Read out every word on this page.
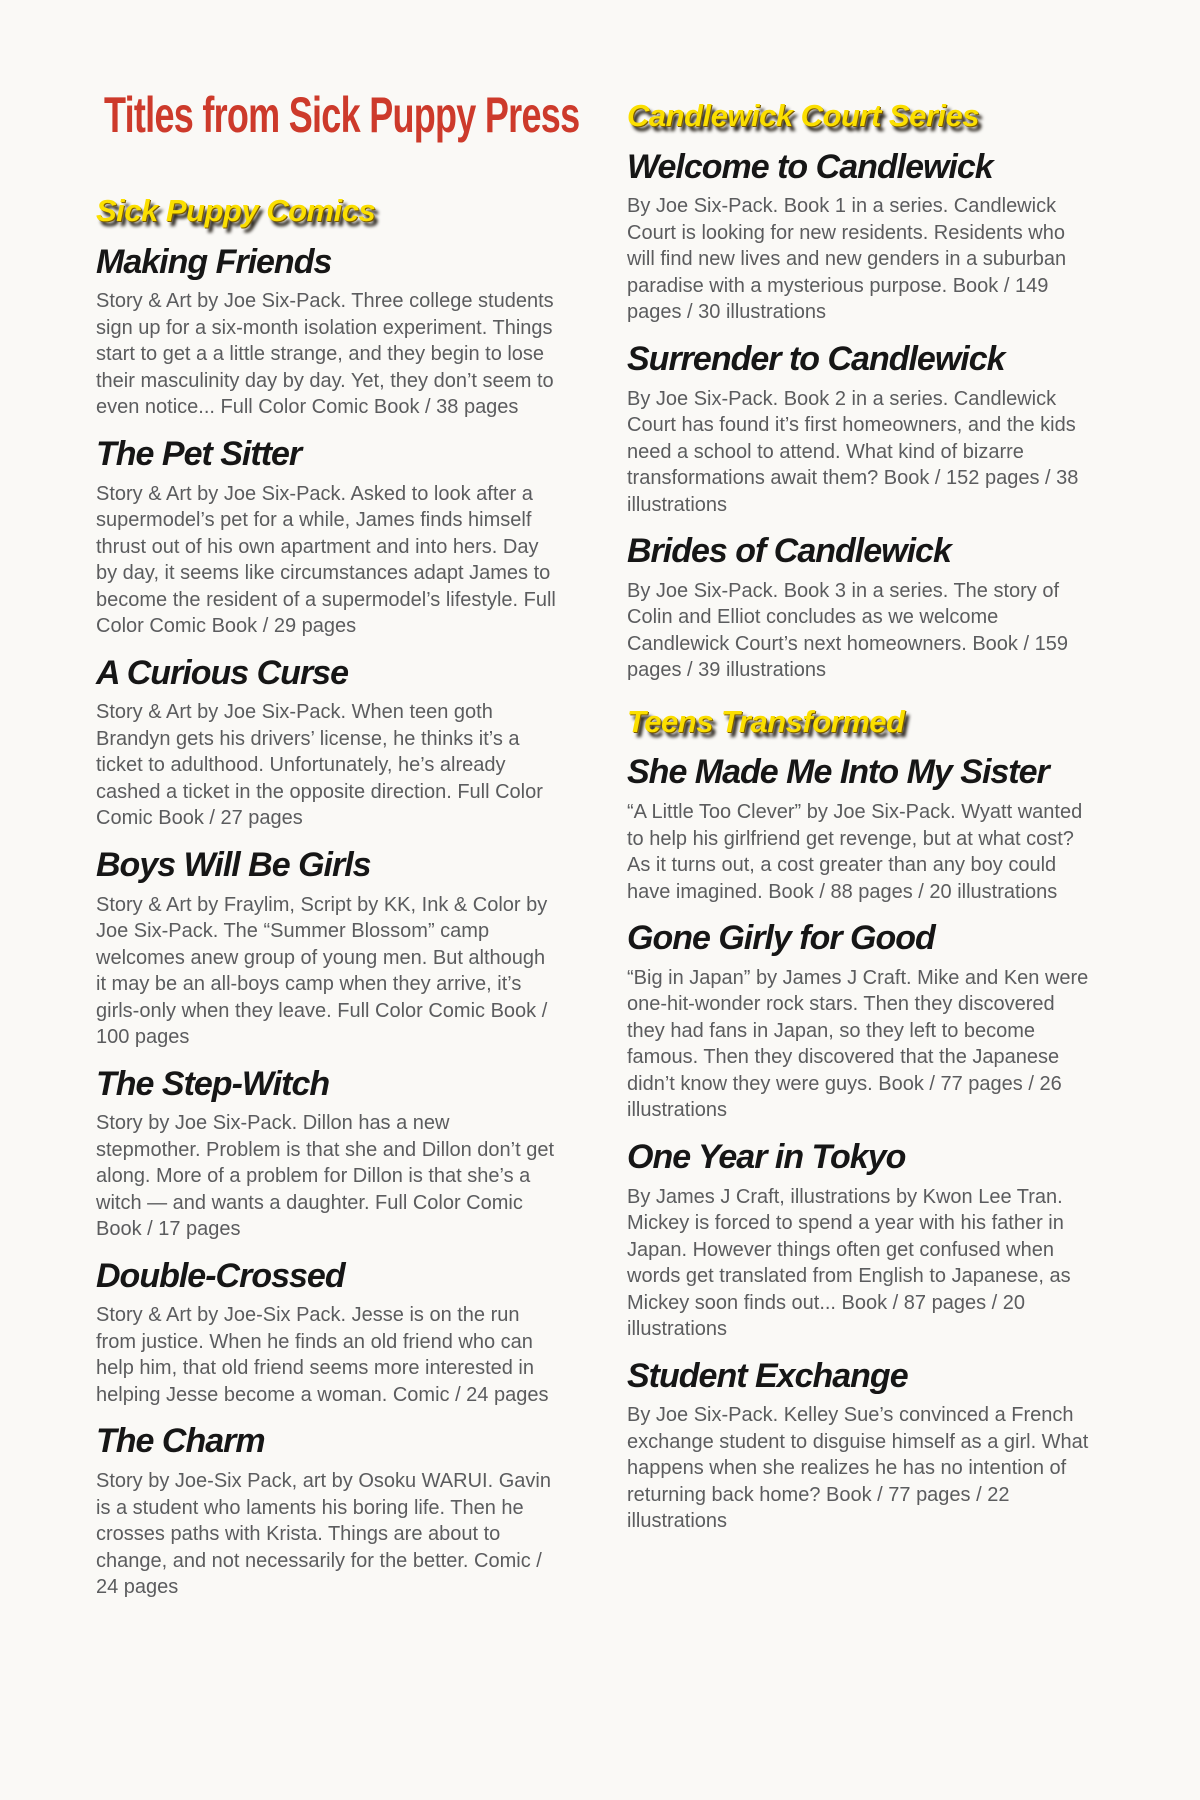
Titles from Sick Puppy Press
Sick Puppy Comics
Making Friends

Story & Art by Joe Six-Pack. Three college students sign up for a six-month isolation experiment. Things start to get a a little strange, and they begin to lose their masculinity day by day. Yet, they don’t seem to even notice... Full Color Comic Book / 38 pages

The Pet Sitter

Story & Art by Joe Six-Pack. Asked to look after a supermodel’s pet for a while, James finds himself thrust out of his own apartment and into hers. Day by day, it seems like circumstances adapt James to become the resident of a supermodel’s lifestyle. Full Color Comic Book / 29 pages

A Curious Curse

Story & Art by Joe Six-Pack. When teen goth Brandyn gets his drivers’ license, he thinks it’s a ticket to adulthood. Unfortunately, he’s already cashed a ticket in the opposite direction. Full Color Comic Book / 27 pages

Boys Will Be Girls

Story & Art by Fraylim, Script by KK, Ink & Color by Joe Six-Pack. The “Summer Blossom” camp welcomes anew group of young men. But although it may be an all-boys camp when they arrive, it’s girls-only when they leave. Full Color Comic Book / 100 pages

The Step-Witch

Story by Joe Six-Pack. Dillon has a new stepmother. Problem is that she and Dillon don’t get along. More of a problem for Dillon is that she’s a witch — and wants a daughter. Full Color Comic Book / 17 pages

Double-Crossed

Story & Art by Joe-Six Pack. Jesse is on the run from justice. When he finds an old friend who can help him, that old friend seems more interested in helping Jesse become a woman. Comic / 24 pages

The Charm

Story by Joe-Six Pack, art by Osoku WARUI. Gavin is a student who laments his boring life. Then he crosses paths with Krista. Things are about to change, and not necessarily for the better. Comic / 24 pages

Candlewick Court Series
Welcome to Candlewick

By Joe Six-Pack. Book 1 in a series. Candlewick Court is looking for new residents. Residents who will find new lives and new genders in a suburban paradise with a mysterious purpose. Book / 149 pages / 30 illustrations

Surrender to Candlewick

By Joe Six-Pack. Book 2 in a series. Candlewick Court has found it’s first homeowners, and the kids need a school to attend. What kind of bizarre transformations await them? Book / 152 pages / 38 illustrations

Brides of Candlewick

By Joe Six-Pack. Book 3 in a series. The story of Colin and Elliot concludes as we welcome Candlewick Court’s next homeowners. Book / 159 pages / 39 illustrations

Teens Transformed
She Made Me Into My Sister

“A Little Too Clever” by Joe Six-Pack. Wyatt wanted to help his girlfriend get revenge, but at what cost? As it turns out, a cost greater than any boy could have imagined. Book / 88 pages / 20 illustrations

Gone Girly for Good

“Big in Japan” by James J Craft. Mike and Ken were one-hit-wonder rock stars. Then they discovered they had fans in Japan, so they left to become famous. Then they discovered that the Japanese didn’t know they were guys. Book / 77 pages / 26 illustrations

One Year in Tokyo

By James J Craft, illustrations by Kwon Lee Tran. Mickey is forced to spend a year with his father in Japan. However things often get confused when words get translated from English to Japanese, as Mickey soon finds out... Book / 87 pages / 20 illustrations

Student Exchange

By Joe Six-Pack. Kelley Sue’s convinced a French exchange student to disguise himself as a girl. What happens when she realizes he has no intention of returning back home? Book / 77 pages / 22 illustrations
